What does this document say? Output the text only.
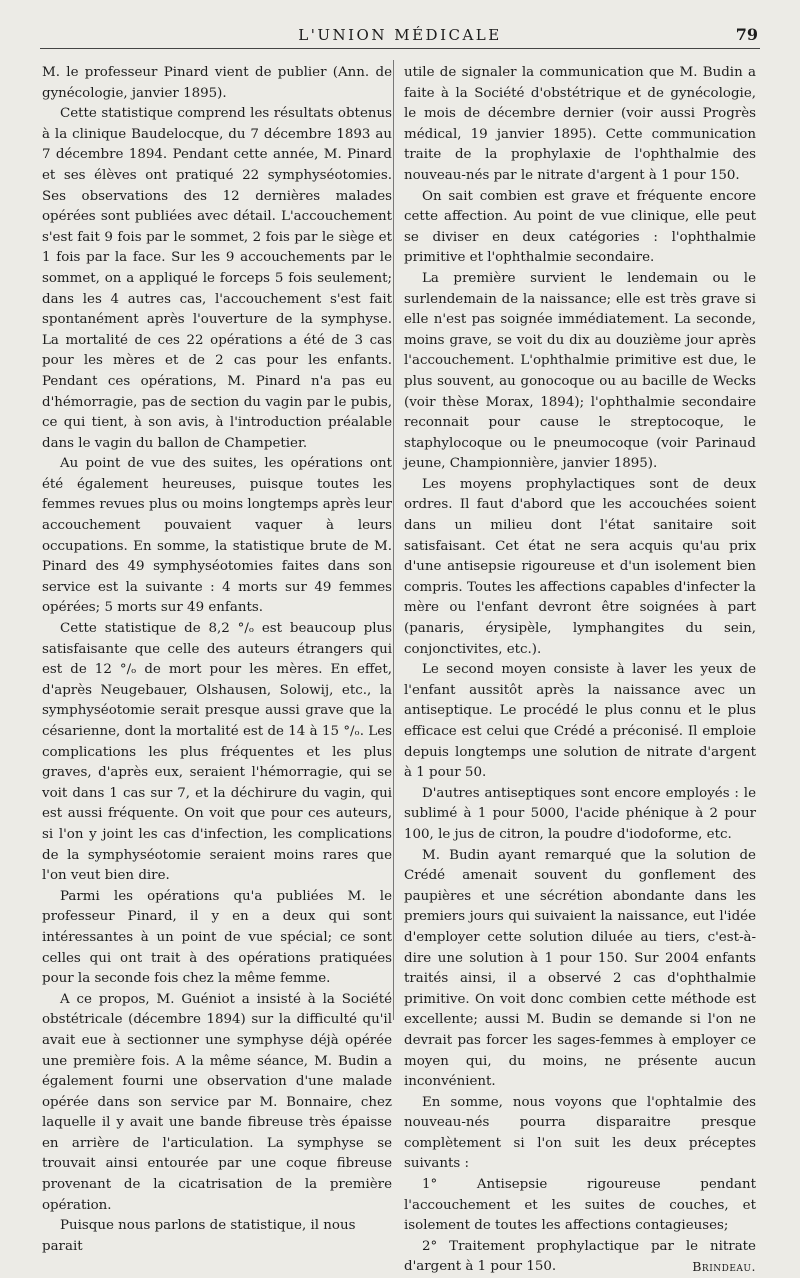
L'UNION MÉDICALE	79

M. le professeur Pinard vient de publier (Ann. de gynécologie, janvier 1895).

Cette statistique comprend les résultats obtenus à la clinique Baudelocque, du 7 décembre 1893 au 7 décembre 1894. Pendant cette année, M. Pinard et ses élèves ont pratiqué 22 symphyséotomies. Ses observations des 12 dernières malades opérées sont publiées avec détail. L'accouchement s'est fait 9 fois par le sommet, 2 fois par le siège et 1 fois par la face. Sur les 9 accouchements par le sommet, on a appliqué le forceps 5 fois seulement; dans les 4 autres cas, l'accouchement s'est fait spontanément après l'ouverture de la symphyse. La mortalité de ces 22 opérations a été de 3 cas pour les mères et de 2 cas pour les enfants. Pendant ces opérations, M. Pinard n'a pas eu d'hémorragie, pas de section du vagin par le pubis, ce qui tient, à son avis, à l'introduction préalable dans le vagin du ballon de Champetier.

Au point de vue des suites, les opérations ont été également heureuses, puisque toutes les femmes revues plus ou moins longtemps après leur accouchement pouvaient vaquer à leurs occupations. En somme, la statistique brute de M. Pinard des 49 symphyséotomies faites dans son service est la suivante : 4 morts sur 49 femmes opérées; 5 morts sur 49 enfants.

Cette statistique de 8,2 °/ₒ est beaucoup plus satisfaisante que celle des auteurs étrangers qui est de 12 °/ₒ de mort pour les mères. En effet, d'après Neugebauer, Olshausen, Solowij, etc., la symphyséotomie serait presque aussi grave que la césarienne, dont la mortalité est de 14 à 15 °/ₒ. Les complications les plus fréquentes et les plus graves, d'après eux, seraient l'hémorragie, qui se voit dans 1 cas sur 7, et la déchirure du vagin, qui est aussi fréquente. On voit que pour ces auteurs, si l'on y joint les cas d'infection, les complications de la symphyséotomie seraient moins rares que l'on veut bien dire.

Parmi les opérations qu'a publiées M. le professeur Pinard, il y en a deux qui sont intéressantes à un point de vue spécial; ce sont celles qui ont trait à des opérations pratiquées pour la seconde fois chez la même femme.

A ce propos, M. Guéniot a insisté à la Société obstétricale (décembre 1894) sur la difficulté qu'il avait eue à sectionner une symphyse déjà opérée une première fois. A la même séance, M. Budin a également fourni une observation d'une malade opérée dans son service par M. Bonnaire, chez laquelle il y avait une bande fibreuse très épaisse en arrière de l'articulation. La symphyse se trouvait ainsi entourée par une coque fibreuse provenant de la cicatrisation de la première opération.

Puisque nous parlons de statistique, il nous parait

utile de signaler la communication que M. Budin a faite à la Société d'obstétrique et de gynécologie, le mois de décembre dernier (voir aussi Progrès médical, 19 janvier 1895). Cette communication traite de la prophylaxie de l'ophthalmie des nouveau-nés par le nitrate d'argent à 1 pour 150.

On sait combien est grave et fréquente encore cette affection. Au point de vue clinique, elle peut se diviser en deux catégories : l'ophthalmie primitive et l'ophthalmie secondaire.

La première survient le lendemain ou le surlendemain de la naissance; elle est très grave si elle n'est pas soignée immédiatement. La seconde, moins grave, se voit du dix au douzième jour après l'accouchement. L'ophthalmie primitive est due, le plus souvent, au gonocoque ou au bacille de Wecks (voir thèse Morax, 1894); l'ophthalmie secondaire reconnait pour cause le streptocoque, le staphylocoque ou le pneumocoque (voir Parinaud jeune, Championnière, janvier 1895).

Les moyens prophylactiques sont de deux ordres. Il faut d'abord que les accouchées soient dans un milieu dont l'état sanitaire soit satisfaisant. Cet état ne sera acquis qu'au prix d'une antisepsie rigoureuse et d'un isolement bien compris. Toutes les affections capables d'infecter la mère ou l'enfant devront être soignées à part (panaris, érysipèle, lymphangites du sein, conjonctivites, etc.).

Le second moyen consiste à laver les yeux de l'enfant aussitôt après la naissance avec un antiseptique. Le procédé le plus connu et le plus efficace est celui que Crédé a préconisé. Il emploie depuis longtemps une solution de nitrate d'argent à 1 pour 50.

D'autres antiseptiques sont encore employés : le sublimé à 1 pour 5000, l'acide phénique à 2 pour 100, le jus de citron, la poudre d'iodoforme, etc.

M. Budin ayant remarqué que la solution de Crédé amenait souvent du gonflement des paupières et une sécrétion abondante dans les premiers jours qui suivaient la naissance, eut l'idée d'employer cette solution diluée au tiers, c'est-à-dire une solution à 1 pour 150. Sur 2004 enfants traités ainsi, il a observé 2 cas d'ophthalmie primitive. On voit donc combien cette méthode est excellente; aussi M. Budin se demande si l'on ne devrait pas forcer les sages-femmes à employer ce moyen qui, du moins, ne présente aucun inconvénient.

En somme, nous voyons que l'ophtalmie des nouveau-nés pourra disparaitre presque complètement si l'on suit les deux préceptes suivants :

1° Antisepsie rigoureuse pendant l'accouchement et les suites de couches, et isolement de toutes les affections contagieuses;

2° Traitement prophylactique par le nitrate d'argent à 1 pour 150.	Brindeau.
